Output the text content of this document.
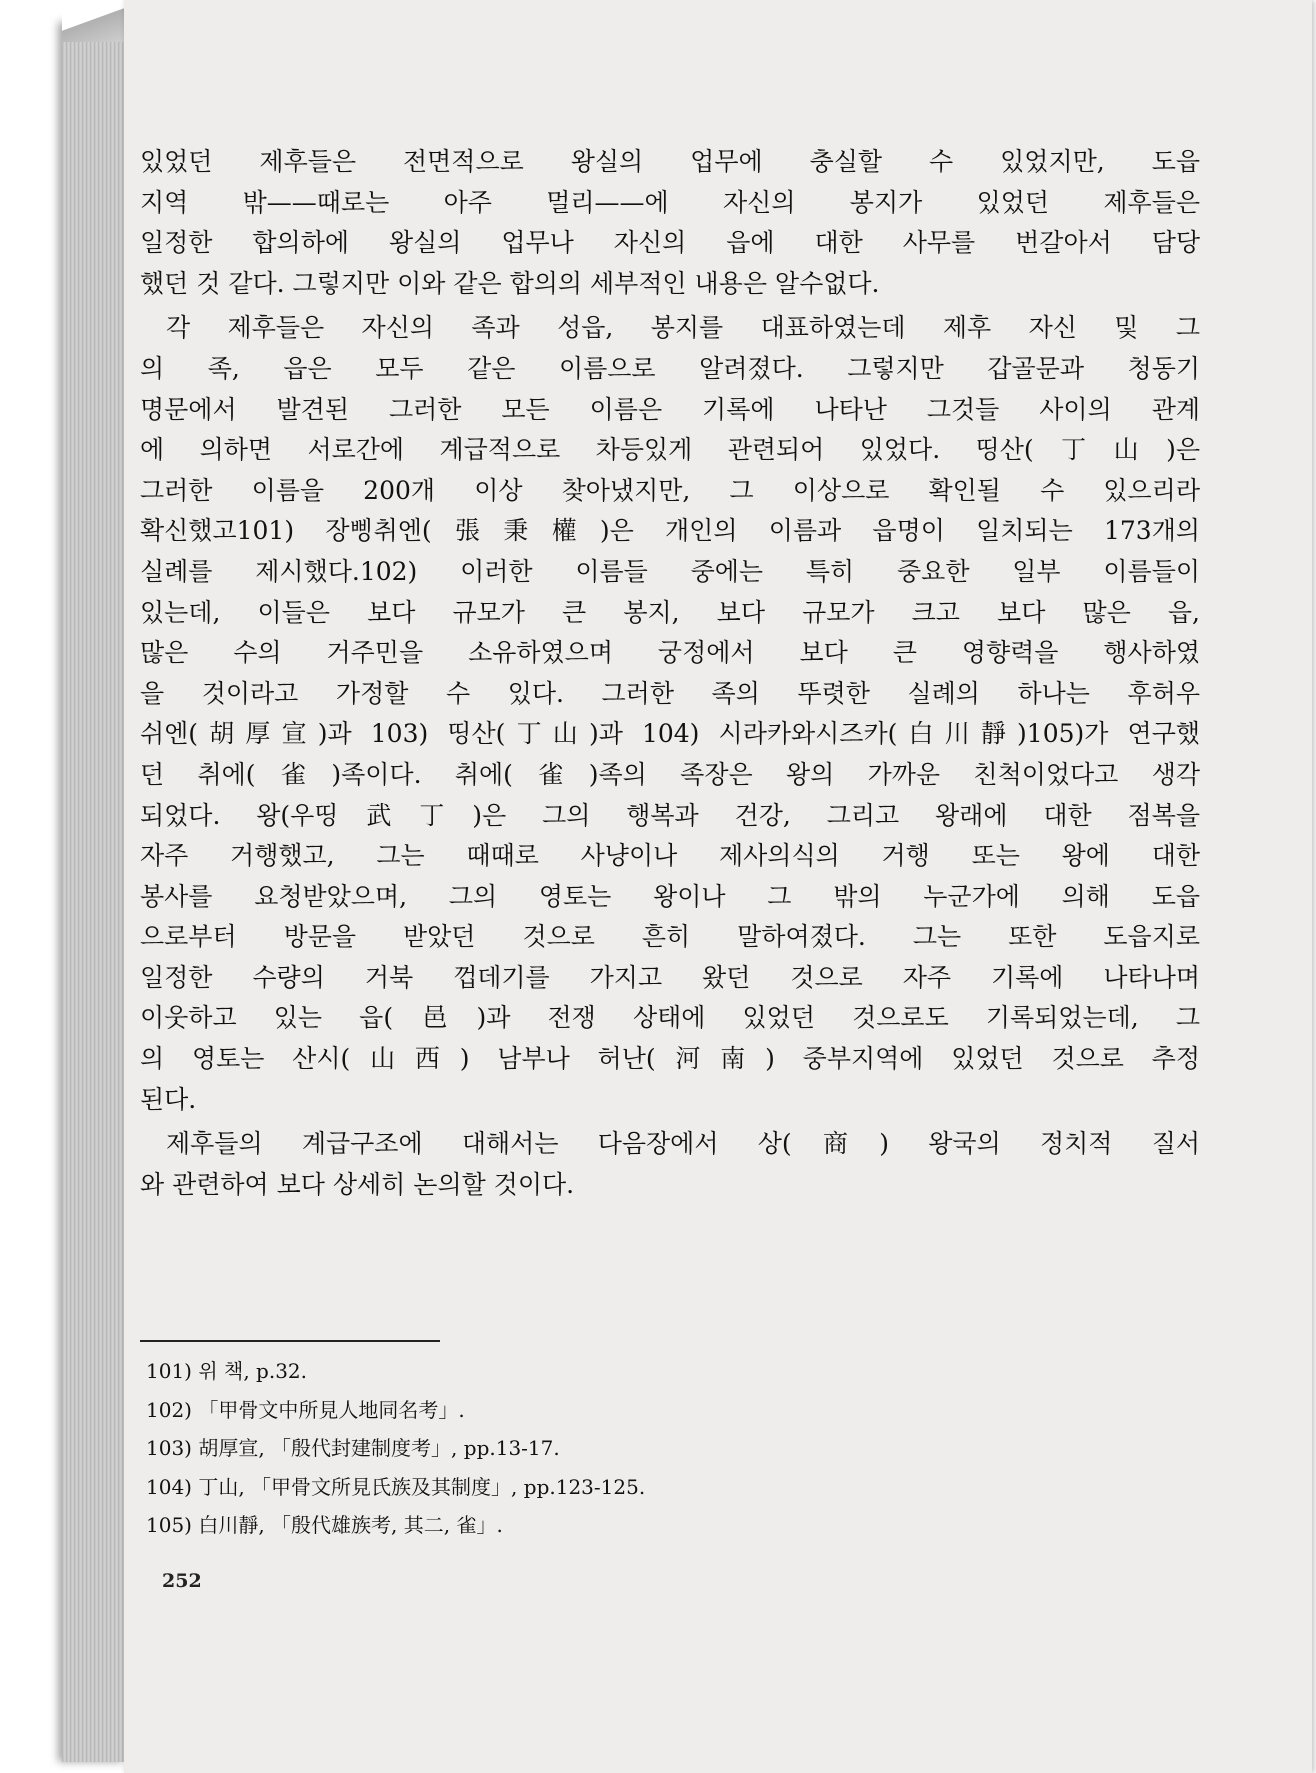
있었던 제후들은 전면적으로 왕실의 업무에 충실할 수 있었지만, 도읍
지역 밖——때로는 아주 멀리——에 자신의 봉지가 있었던 제후들은
일정한 합의하에 왕실의 업무나 자신의 읍에 대한 사무를 번갈아서 담당
했던 것 같다. 그렇지만 이와 같은 합의의 세부적인 내용은 알수없다.
각 제후들은 자신의 족과 성읍, 봉지를 대표하였는데 제후 자신 및 그
의 족, 읍은 모두 같은 이름으로 알려졌다. 그렇지만 갑골문과 청동기
명문에서 발견된 그러한 모든 이름은 기록에 나타난 그것들 사이의 관계
에 의하면 서로간에 계급적으로 차등있게 관련되어 있었다. 띵산(丁山)은
그러한 이름을 200개 이상 찾아냈지만, 그 이상으로 확인될 수 있으리라
확신했고101) 장삥취엔(張秉權)은 개인의 이름과 읍명이 일치되는 173개의
실례를 제시했다.102) 이러한 이름들 중에는 특히 중요한 일부 이름들이
있는데, 이들은 보다 규모가 큰 봉지, 보다 규모가 크고 보다 많은 읍,
많은 수의 거주민을 소유하였으며 궁정에서 보다 큰 영향력을 행사하였
을 것이라고 가정할 수 있다. 그러한 족의 뚜렷한 실례의 하나는 후허우
쉬엔(胡厚宣)과 103) 띵산(丁山)과 104) 시라카와시즈카(白川靜)105)가 연구했
던 취에(雀)족이다. 취에(雀)족의 족장은 왕의 가까운 친척이었다고 생각
되었다. 왕(우띵武丁)은 그의 행복과 건강, 그리고 왕래에 대한 점복을
자주 거행했고, 그는 때때로 사냥이나 제사의식의 거행 또는 왕에 대한
봉사를 요청받았으며, 그의 영토는 왕이나 그 밖의 누군가에 의해 도읍
으로부터 방문을 받았던 것으로 흔히 말하여졌다. 그는 또한 도읍지로
일정한 수량의 거북 껍데기를 가지고 왔던 것으로 자주 기록에 나타나며
이웃하고 있는 읍(邑)과 전쟁 상태에 있었던 것으로도 기록되었는데, 그
의 영토는 산시(山西) 남부나 허난(河南) 중부지역에 있었던 것으로 추정
된다.
제후들의 계급구조에 대해서는 다음장에서 상(商) 왕국의 정치적 질서
와 관련하여 보다 상세히 논의할 것이다.
101) 위 책, p.32.
102) 「甲骨文中所見人地同名考」.
103) 胡厚宣, 「殷代封建制度考」, pp.13-17.
104) 丁山, 「甲骨文所見氏族及其制度」, pp.123-125.
105) 白川靜, 「殷代雄族考, 其二, 雀」.
252
